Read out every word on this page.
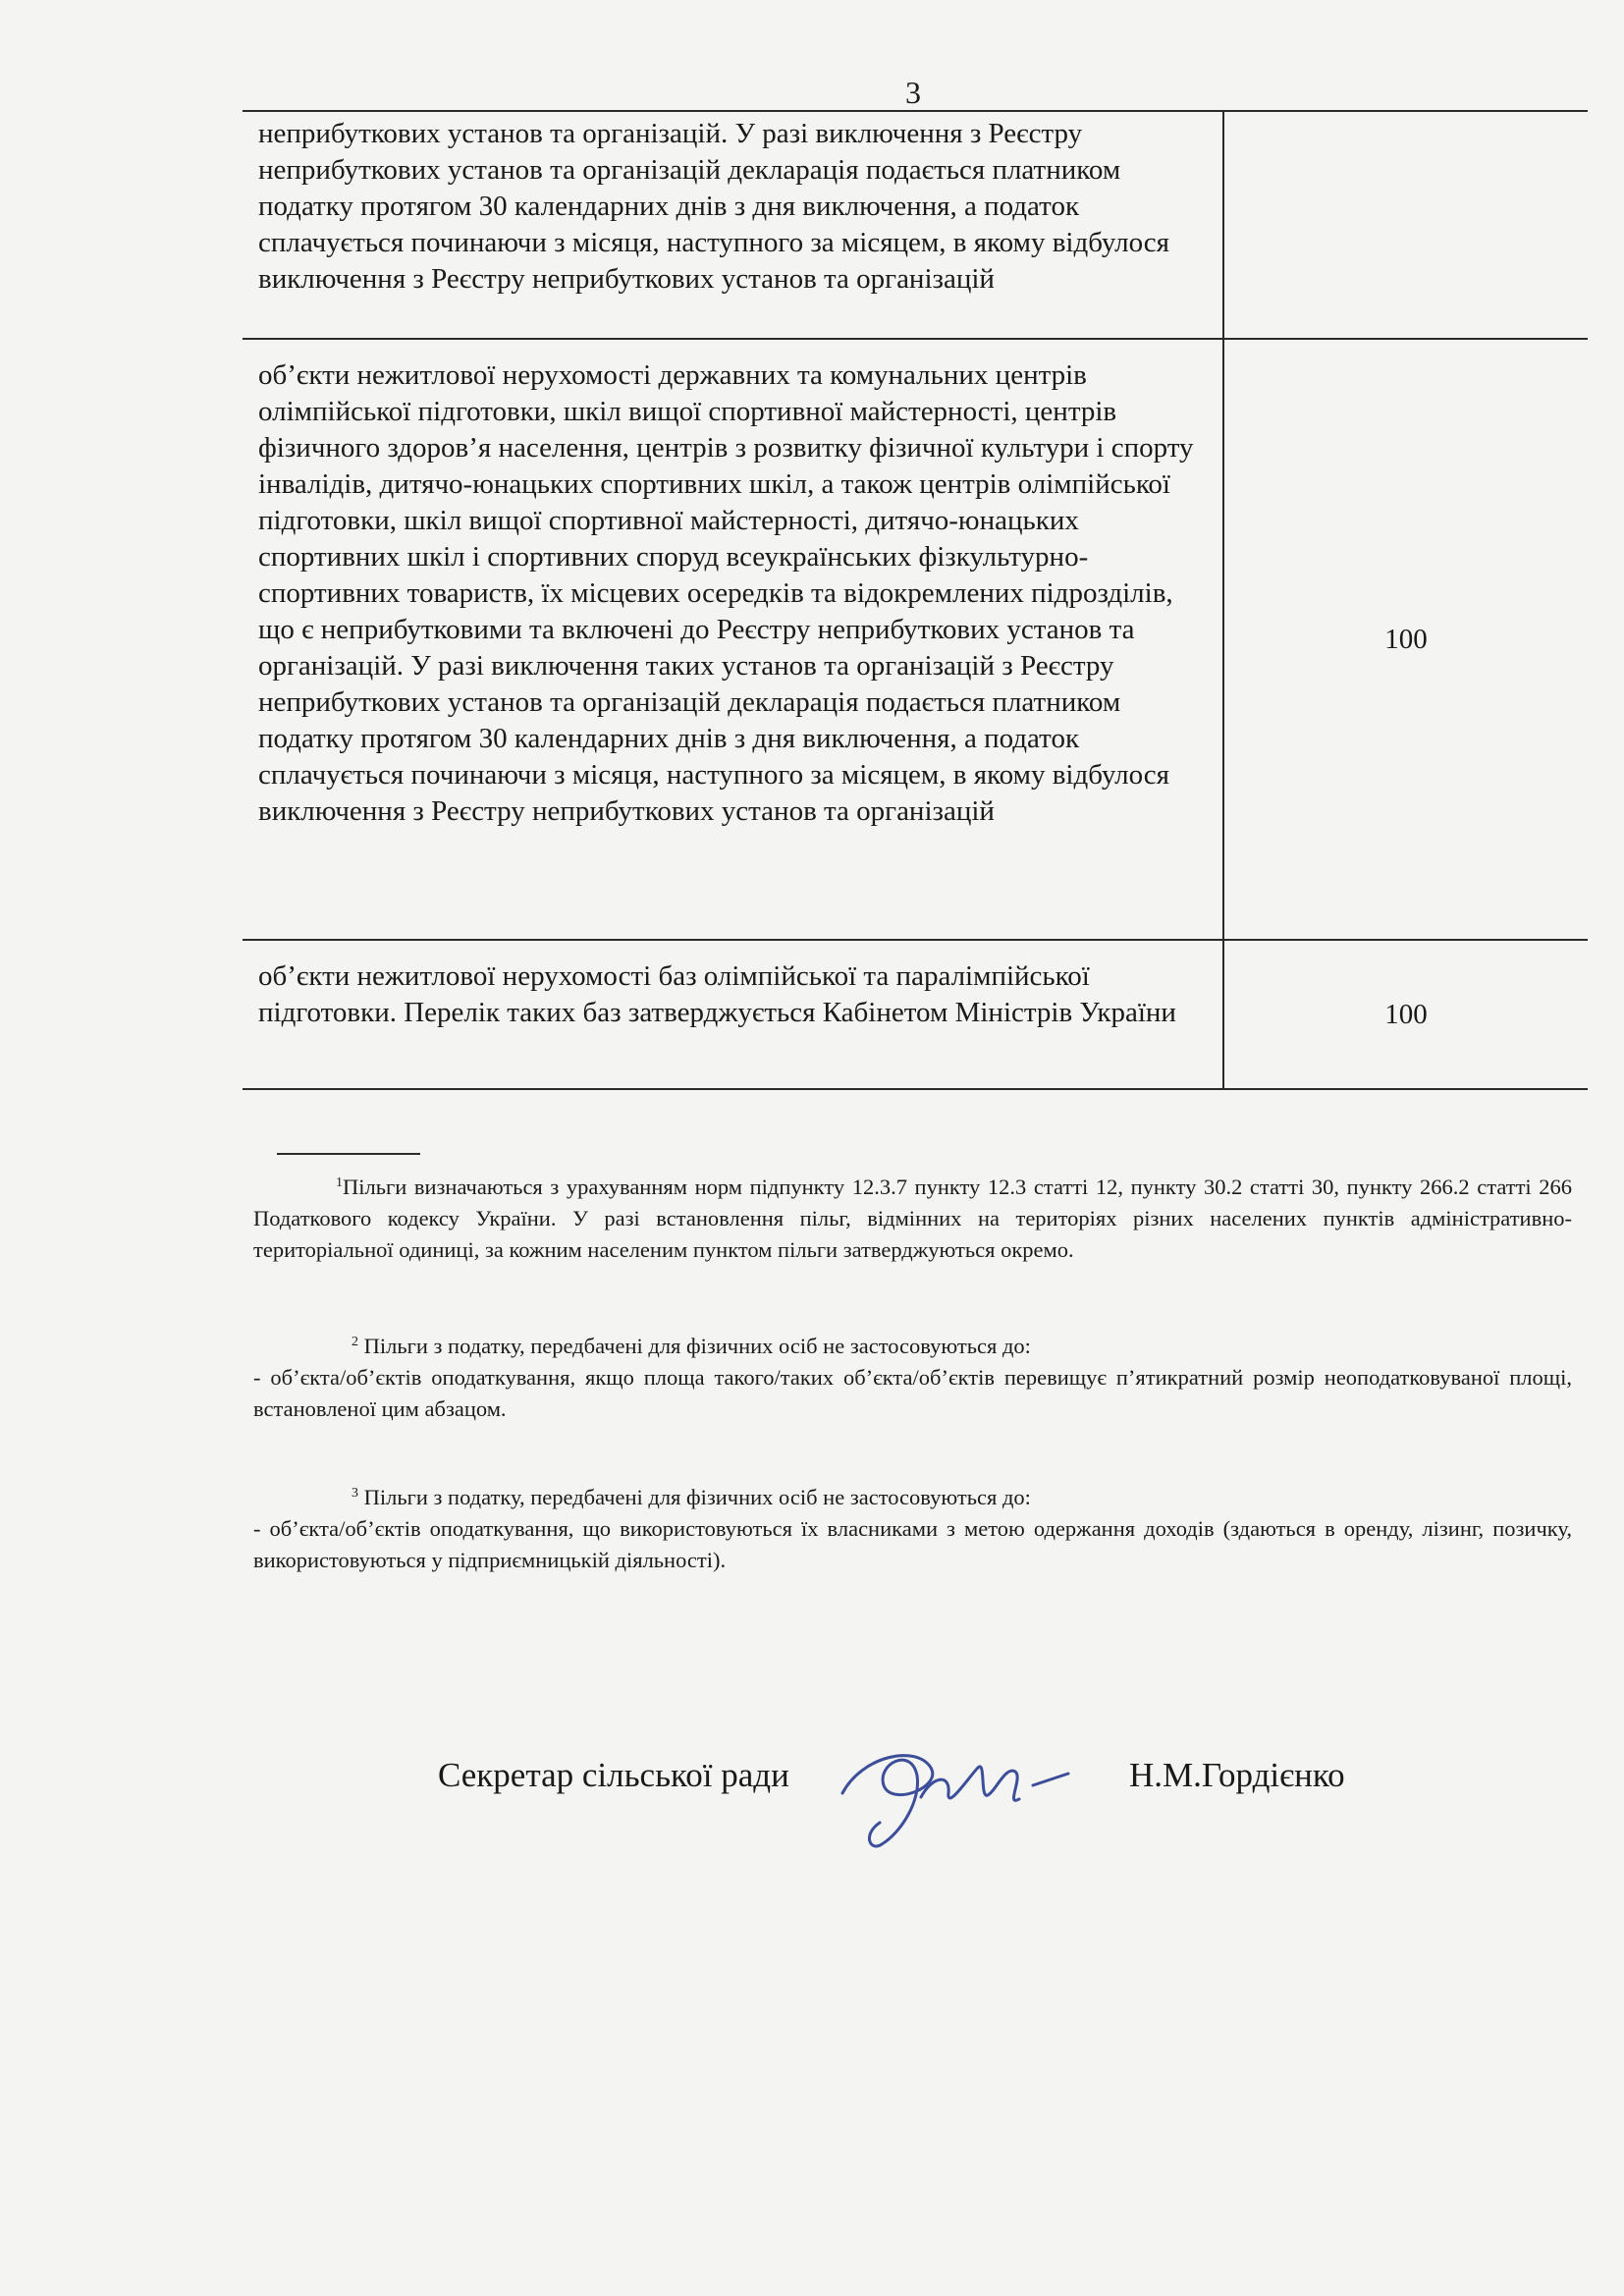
3
неприбуткових установ та організацій. У разі виключення з Реєстру неприбуткових установ та організацій декларація подається платником податку протягом 30 календарних днів з дня виключення, а податок сплачується починаючи з місяця, наступного за місяцем, в якому відбулося виключення з Реєстру неприбуткових установ та організацій	
об’єкти нежитлової нерухомості державних та комунальних центрів олімпійської підготовки, шкіл вищої спортивної майстерності, центрів фізичного здоров’я населення, центрів з розвитку фізичної культури і спорту інвалідів, дитячо-юнацьких спортивних шкіл, а також центрів олімпійської підготовки, шкіл вищої спортивної майстерності, дитячо-юнацьких спортивних шкіл і спортивних споруд всеукраїнських фізкультурно-спортивних товариств, їх місцевих осередків та відокремлених підрозділів, що є неприбутковими та включені до Реєстру неприбуткових установ та організацій. У разі виключення таких установ та організацій з Реєстру неприбуткових установ та організацій декларація подається платником податку протягом 30 календарних днів з дня виключення, а податок сплачується починаючи з місяця, наступного за місяцем, в якому відбулося виключення з Реєстру неприбуткових установ та організацій	100
об’єкти нежитлової нерухомості баз олімпійської та паралімпійської підготовки. Перелік таких баз затверджується Кабінетом Міністрів України	100
$^1$Пільги визначаються з урахуванням норм підпункту 12.3.7 пункту 12.3 статті 12, пункту 30.2 статті 30, пункту 266.2 статті 266 Податкового кодексу України. У разі встановлення пільг, відмінних на територіях різних населених пунктів адміністративно-територіальної одиниці, за кожним населеним пунктом пільги затверджуються окремо.
$^2$ Пільги з податку, передбачені для фізичних осіб не застосовуються до:
- об’єкта/об’єктів оподаткування, якщо площа такого/таких об’єкта/об’єктів перевищує п’ятикратний розмір неоподатковуваної площі, встановленої цим абзацом.
$^3$ Пільги з податку, передбачені для фізичних осіб не застосовуються до:
- об’єкта/об’єктів оподаткування, що використовуються їх власниками з метою одержання доходів (здаються в оренду, лізинг, позичку, використовуються у підприємницькій діяльності).
Секретар сільської ради	Н.М.Гордієнко
